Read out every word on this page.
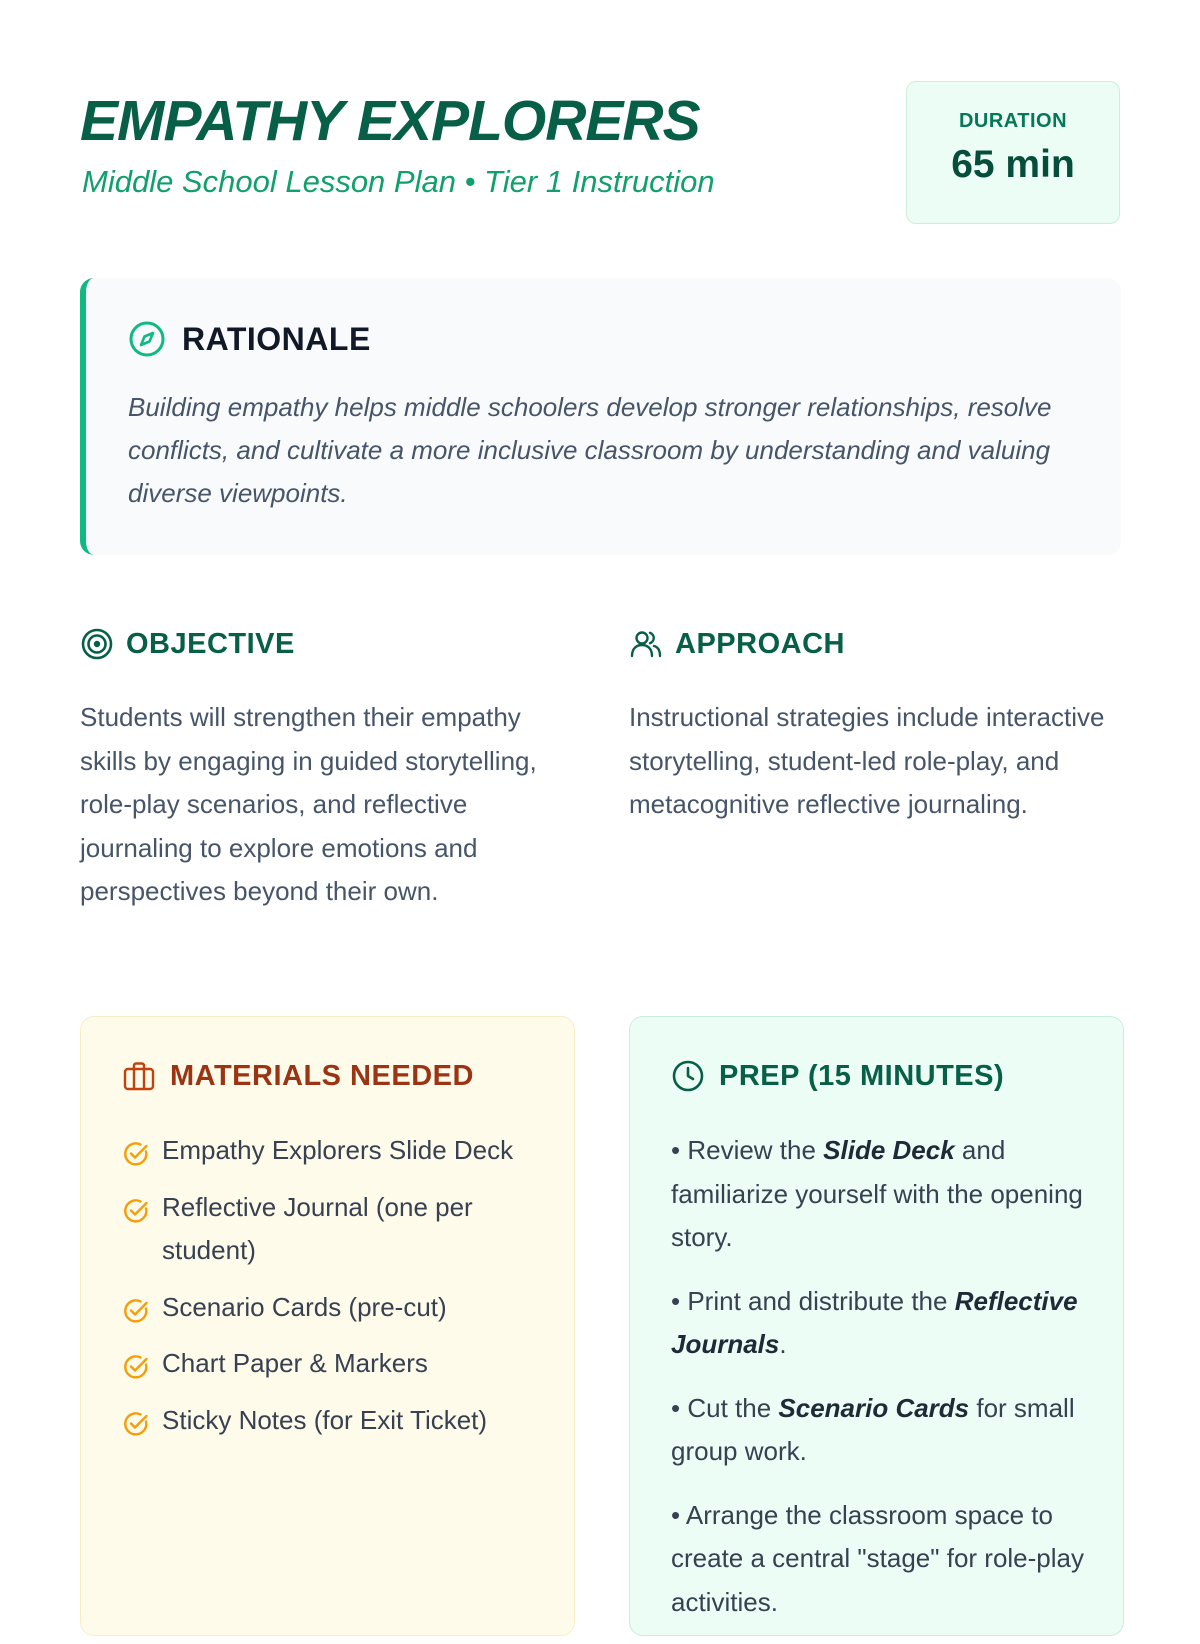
EMPATHY EXPLORERS
Middle School Lesson Plan • Tier 1 Instruction
DURATION
65 min
RATIONALE

Building empathy helps middle schoolers develop stronger relationships, resolve conflicts, and cultivate a more inclusive classroom by understanding and valuing diverse viewpoints.

OBJECTIVE

Students will strengthen their empathy skills by engaging in guided storytelling, role-play scenarios, and reflective journaling to explore emotions and perspectives beyond their own.

APPROACH

Instructional strategies include interactive storytelling, student-led role-play, and metacognitive reflective journaling.

MATERIALS NEEDED
Empathy Explorers Slide Deck
Reflective Journal (one per student)
Scenario Cards (pre-cut)
Chart Paper & Markers
Sticky Notes (for Exit Ticket)
PREP (15 MINUTES)
• Review the Slide Deck and familiarize yourself with the opening story.
• Print and distribute the Reflective Journals.
• Cut the Scenario Cards for small group work.
• Arrange the classroom space to create a central "stage" for role-play activities.
